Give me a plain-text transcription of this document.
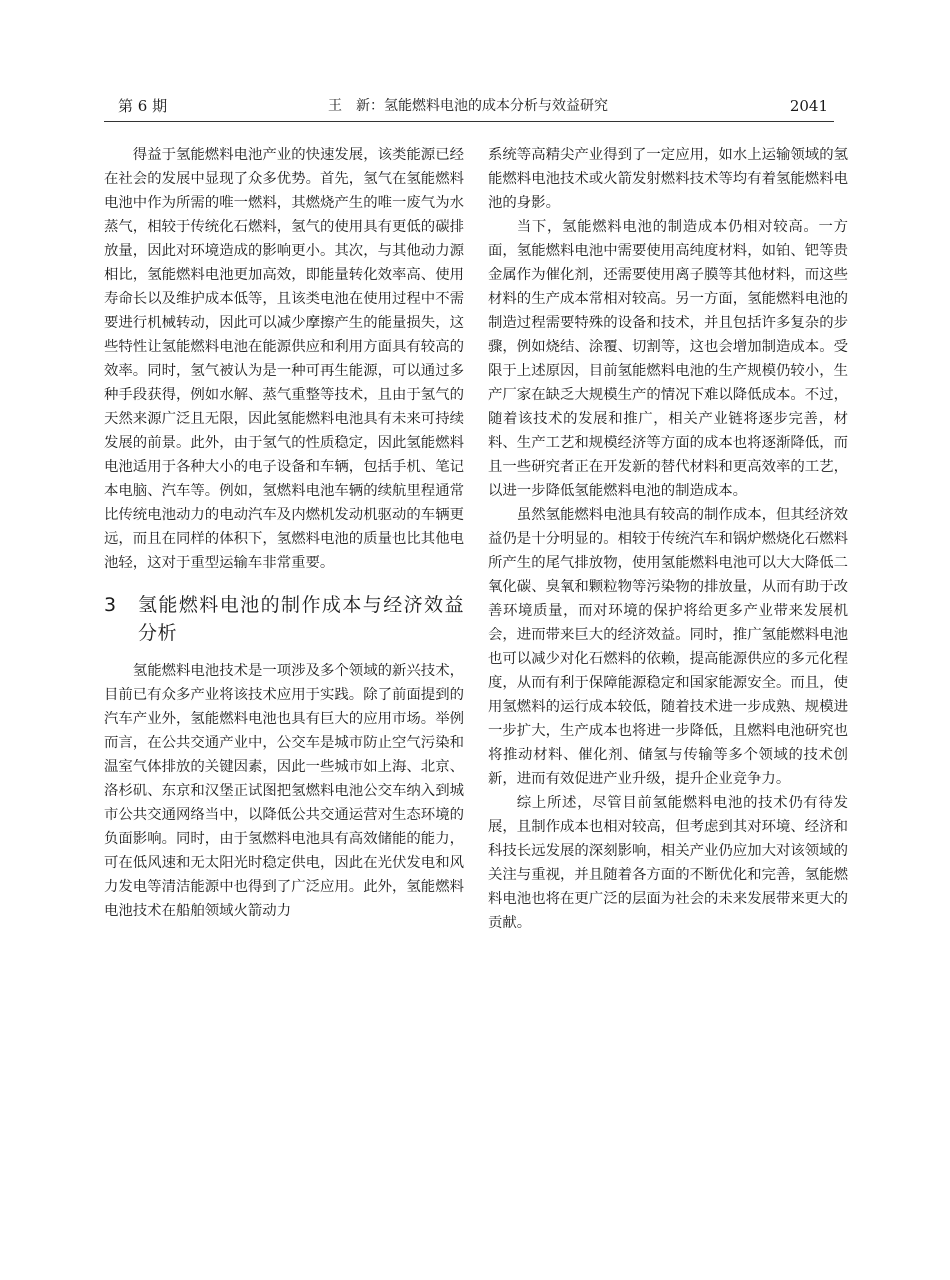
第 6 期	王　新：氢能燃料电池的成本分析与效益研究	2041

得益于氢能燃料电池产业的快速发展，该类能源已经在社会的发展中显现了众多优势。首先，氢气在氢能燃料电池中作为所需的唯一燃料，其燃烧产生的唯一废气为水蒸气，相较于传统化石燃料，氢气的使用具有更低的碳排放量，因此对环境造成的影响更小。其次，与其他动力源相比，氢能燃料电池更加高效，即能量转化效率高、使用寿命长以及维护成本低等，且该类电池在使用过程中不需要进行机械转动，因此可以减少摩擦产生的能量损失，这些特性让氢能燃料电池在能源供应和利用方面具有较高的效率。同时，氢气被认为是一种可再生能源，可以通过多种手段获得，例如水解、蒸气重整等技术，且由于氢气的天然来源广泛且无限，因此氢能燃料电池具有未来可持续发展的前景。此外，由于氢气的性质稳定，因此氢能燃料电池适用于各种大小的电子设备和车辆，包括手机、笔记本电脑、汽车等。例如，氢燃料电池车辆的续航里程通常比传统电池动力的电动汽车及内燃机发动机驱动的车辆更远，而且在同样的体积下，氢燃料电池的质量也比其他电池轻，这对于重型运输车非常重要。

3	氢能燃料电池的制作成本与经济效益分析

氢能燃料电池技术是一项涉及多个领域的新兴技术，目前已有众多产业将该技术应用于实践。除了前面提到的汽车产业外，氢能燃料电池也具有巨大的应用市场。举例而言，在公共交通产业中，公交车是城市防止空气污染和温室气体排放的关键因素，因此一些城市如上海、北京、洛杉矶、东京和汉堡正试图把氢燃料电池公交车纳入到城市公共交通网络当中，以降低公共交通运营对生态环境的负面影响。同时，由于氢燃料电池具有高效储能的能力，可在低风速和无太阳光时稳定供电，因此在光伏发电和风力发电等清洁能源中也得到了广泛应用。此外，氢能燃料电池技术在船舶领域火箭动力

系统等高精尖产业得到了一定应用，如水上运输领域的氢能燃料电池技术或火箭发射燃料技术等均有着氢能燃料电池的身影。

当下，氢能燃料电池的制造成本仍相对较高。一方面，氢能燃料电池中需要使用高纯度材料，如铂、钯等贵金属作为催化剂，还需要使用离子膜等其他材料，而这些材料的生产成本常相对较高。另一方面，氢能燃料电池的制造过程需要特殊的设备和技术，并且包括许多复杂的步骤，例如烧结、涂覆、切割等，这也会增加制造成本。受限于上述原因，目前氢能燃料电池的生产规模仍较小，生产厂家在缺乏大规模生产的情况下难以降低成本。不过，随着该技术的发展和推广，相关产业链将逐步完善，材料、生产工艺和规模经济等方面的成本也将逐渐降低，而且一些研究者正在开发新的替代材料和更高效率的工艺，以进一步降低氢能燃料电池的制造成本。

虽然氢能燃料电池具有较高的制作成本，但其经济效益仍是十分明显的。相较于传统汽车和锅炉燃烧化石燃料所产生的尾气排放物，使用氢能燃料电池可以大大降低二氧化碳、臭氧和颗粒物等污染物的排放量，从而有助于改善环境质量，而对环境的保护将给更多产业带来发展机会，进而带来巨大的经济效益。同时，推广氢能燃料电池也可以减少对化石燃料的依赖，提高能源供应的多元化程度，从而有利于保障能源稳定和国家能源安全。而且，使用氢燃料的运行成本较低，随着技术进一步成熟、规模进一步扩大，生产成本也将进一步降低，且燃料电池研究也将推动材料、催化剂、储氢与传输等多个领域的技术创新，进而有效促进产业升级，提升企业竞争力。

综上所述，尽管目前氢能燃料电池的技术仍有待发展，且制作成本也相对较高，但考虑到其对环境、经济和科技长远发展的深刻影响，相关产业仍应加大对该领域的关注与重视，并且随着各方面的不断优化和完善，氢能燃料电池也将在更广泛的层面为社会的未来发展带来更大的贡献。
